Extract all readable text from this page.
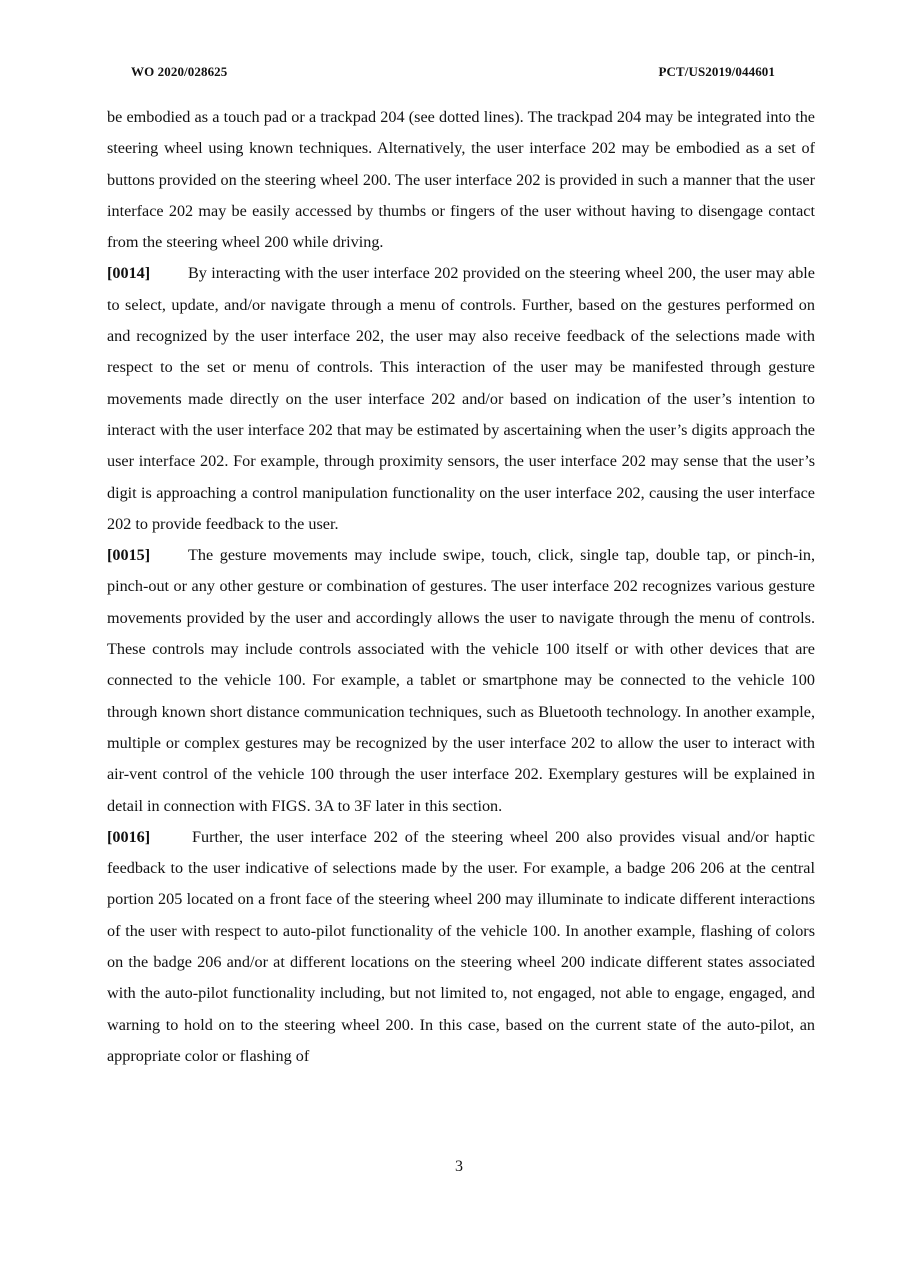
WO 2020/028625	PCT/US2019/044601

be embodied as a touch pad or a trackpad 204 (see dotted lines). The trackpad 204 may be integrated into the steering wheel using known techniques. Alternatively, the user interface 202 may be embodied as a set of buttons provided on the steering wheel 200. The user interface 202 is provided in such a manner that the user interface 202 may be easily accessed by thumbs or fingers of the user without having to disengage contact from the steering wheel 200 while driving.

[0014] By interacting with the user interface 202 provided on the steering wheel 200, the user may able to select, update, and/or navigate through a menu of controls. Further, based on the gestures performed on and recognized by the user interface 202, the user may also receive feedback of the selections made with respect to the set or menu of controls. This interaction of the user may be manifested through gesture movements made directly on the user interface 202 and/or based on indication of the user’s intention to interact with the user interface 202 that may be estimated by ascertaining when the user’s digits approach the user interface 202. For example, through proximity sensors, the user interface 202 may sense that the user’s digit is approaching a control manipulation functionality on the user interface 202, causing the user interface 202 to provide feedback to the user.

[0015] The gesture movements may include swipe, touch, click, single tap, double tap, or pinch-in, pinch-out or any other gesture or combination of gestures. The user interface 202 recognizes various gesture movements provided by the user and accordingly allows the user to navigate through the menu of controls. These controls may include controls associated with the vehicle 100 itself or with other devices that are connected to the vehicle 100. For example, a tablet or smartphone may be connected to the vehicle 100 through known short distance communication techniques, such as Bluetooth technology. In another example, multiple or complex gestures may be recognized by the user interface 202 to allow the user to interact with air-vent control of the vehicle 100 through the user interface 202. Exemplary gestures will be explained in detail in connection with FIGS. 3A to 3F later in this section.

[0016]	Further, the user interface 202 of the steering wheel 200 also provides visual and/or haptic feedback to the user indicative of selections made by the user. For example, a badge 206 206 at the central portion 205 located on a front face of the steering wheel 200 may illuminate to indicate different interactions of the user with respect to auto-pilot functionality of the vehicle 100. In another example, flashing of colors on the badge 206 and/or at different locations on the steering wheel 200 indicate different states associated with the auto-pilot functionality including, but not limited to, not engaged, not able to engage, engaged, and warning to hold on to the steering wheel 200. In this case, based on the current state of the auto-pilot, an appropriate color or flashing of

3
